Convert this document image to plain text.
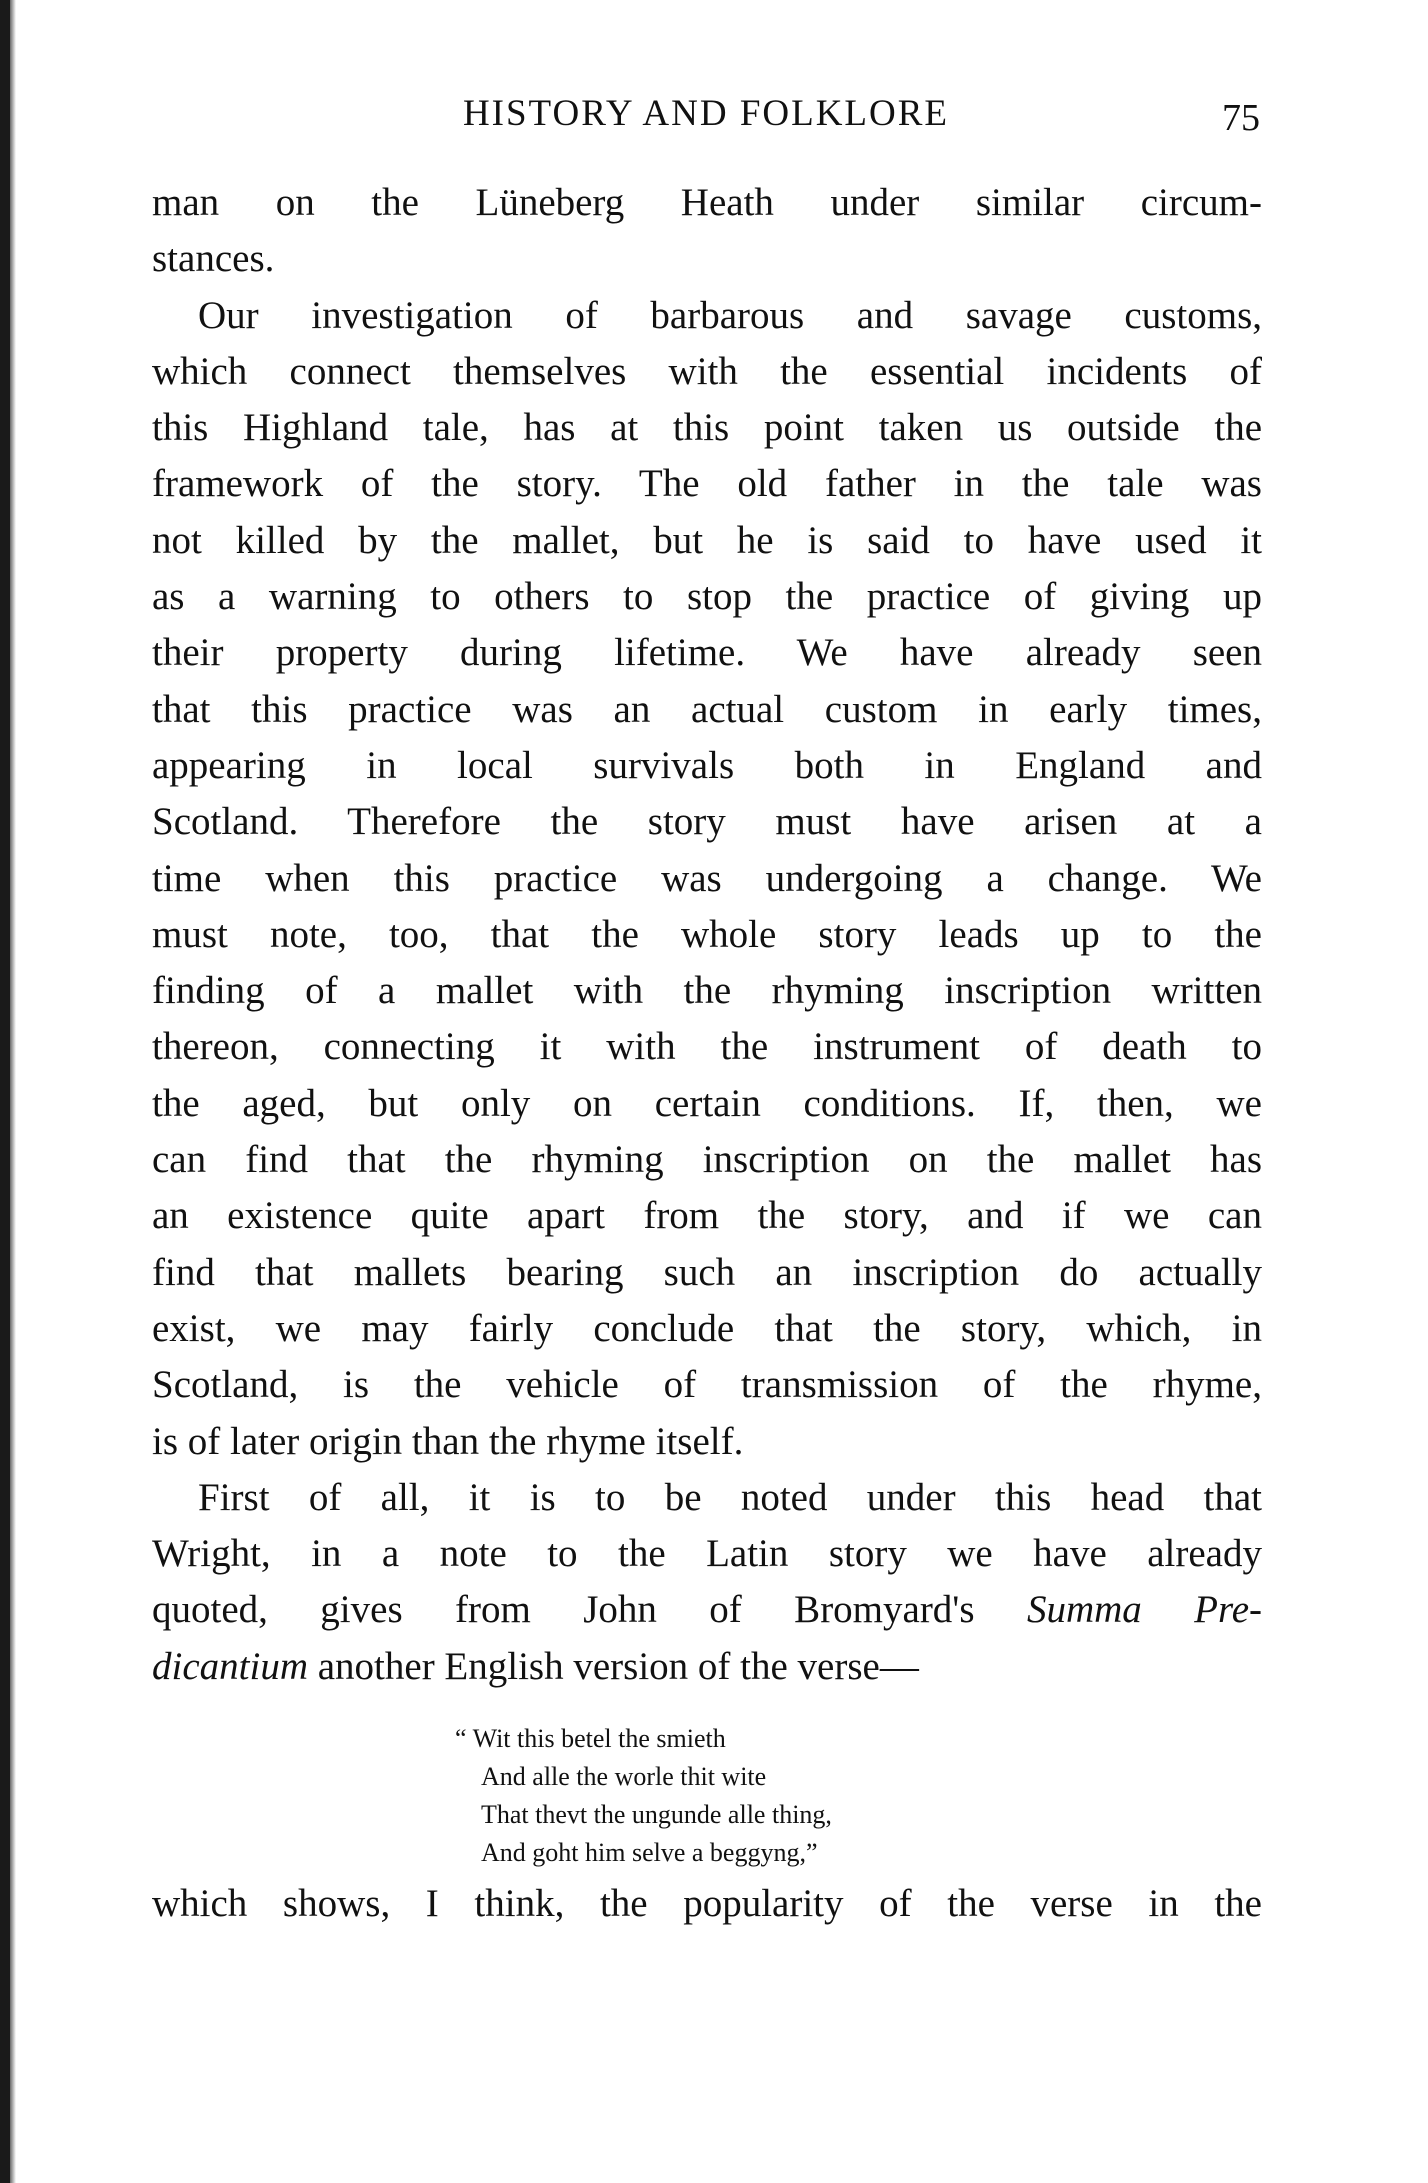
HISTORY AND FOLKLORE	75
man on the Lüneberg Heath under similar circum-
stances.
Our investigation of barbarous and savage customs,
which connect themselves with the essential incidents of
this Highland tale, has at this point taken us outside the
framework of the story. The old father in the tale was
not killed by the mallet, but he is said to have used it
as a warning to others to stop the practice of giving up
their property during lifetime. We have already seen
that this practice was an actual custom in early times,
appearing in local survivals both in England and
Scotland. Therefore the story must have arisen at a
time when this practice was undergoing a change. We
must note, too, that the whole story leads up to the
finding of a mallet with the rhyming inscription written
thereon, connecting it with the instrument of death to
the aged, but only on certain conditions. If, then, we
can find that the rhyming inscription on the mallet has
an existence quite apart from the story, and if we can
find that mallets bearing such an inscription do actually
exist, we may fairly conclude that the story, which, in
Scotland, is the vehicle of transmission of the rhyme,
is of later origin than the rhyme itself.
First of all, it is to be noted under this head that
Wright, in a note to the Latin story we have already
quoted, gives from John of Bromyard's Summa Pre-
dicantium another English version of the verse—
“ Wit this betel the smieth
And alle the worle thit wite
That thevt the ungunde alle thing,
And goht him selve a beggyng,”
which shows, I think, the popularity of the verse in the
